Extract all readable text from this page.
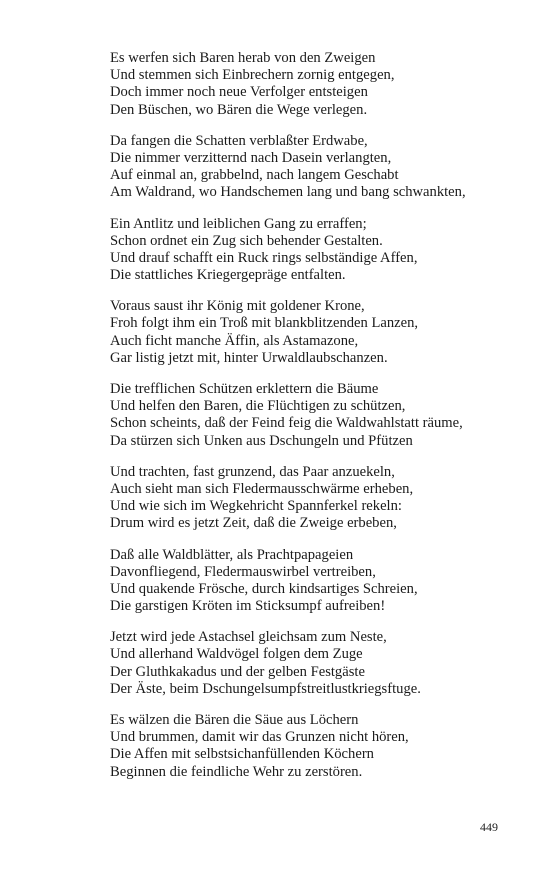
Es werfen sich Baren herab von den Zweigen
Und stemmen sich Einbrechern zornig entgegen,
Doch immer noch neue Verfolger entsteigen
Den Büschen, wo Bären die Wege verlegen.
Da fangen die Schatten verblaßter Erdwabe,
Die nimmer verzitternd nach Dasein verlangten,
Auf einmal an, grabbelnd, nach langem Geschabt
Am Waldrand, wo Handschemen lang und bang schwankten,
Ein Antlitz und leiblichen Gang zu erraffen;
Schon ordnet ein Zug sich behender Gestalten.
Und drauf schafft ein Ruck rings selbständige Affen,
Die stattliches Kriegergepräge entfalten.
Voraus saust ihr König mit goldener Krone,
Froh folgt ihm ein Troß mit blankblitzenden Lanzen,
Auch ficht manche Äffin, als Astamazone,
Gar listig jetzt mit, hinter Urwaldlaubschanzen.
Die trefflichen Schützen erklettern die Bäume
Und helfen den Baren, die Flüchtigen zu schützen,
Schon scheints, daß der Feind feig die Waldwahlstatt räume,
Da stürzen sich Unken aus Dschungeln und Pfützen
Und trachten, fast grunzend, das Paar anzuekeln,
Auch sieht man sich Fledermausschwärme erheben,
Und wie sich im Wegkehricht Spannferkel rekeln:
Drum wird es jetzt Zeit, daß die Zweige erbeben,
Daß alle Waldblätter, als Prachtpapageien
Davonfliegend, Fledermauswirbel vertreiben,
Und quakende Frösche, durch kindsartiges Schreien,
Die garstigen Kröten im Sticksumpf aufreiben!
Jetzt wird jede Astachsel gleichsam zum Neste,
Und allerhand Waldvögel folgen dem Zuge
Der Gluthkakadus und der gelben Festgäste
Der Äste, beim Dschungelsumpfstreitlustkriegsftuge.
Es wälzen die Bären die Säue aus Löchern
Und brummen, damit wir das Grunzen nicht hören,
Die Affen mit selbstsichanfüllenden Köchern
Beginnen die feindliche Wehr zu zerstören.
449
